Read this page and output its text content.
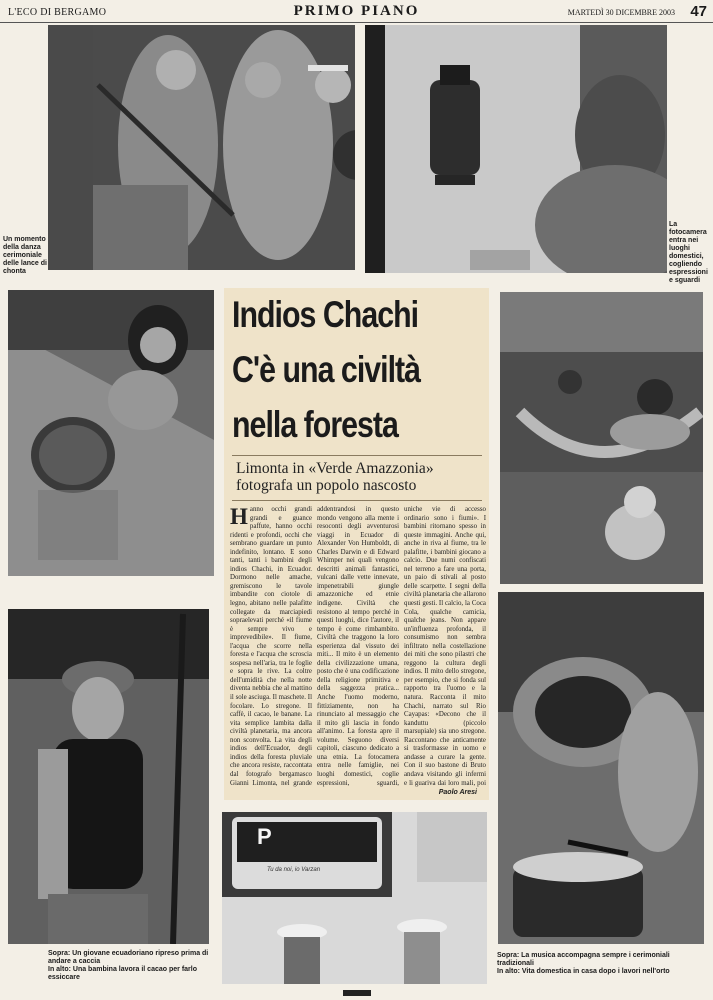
L'ECO DI BERGAMO	PRIMO PIANO	MARTEDÌ 30 DICEMBRE 2003 47
Un momento della danza cerimoniale delle lance di chonta
La fotocamera entra nei luoghi domestici, cogliendo espressioni e sguardi
Indios Chachi
C'è una civiltà
nella foresta
Limonta in «Verde Amazzonia» fotografa un popolo nascosto
Hanno occhi grandi grandi e guance paffute, hanno occhi ridenti e profondi, occhi che sembrano guardare un punto indefinito, lontano. E sono tanti, tanti i bambini degli indios Chachi, in Ecuador. Dormono nelle amache, gremiscono le tavole imbandite con ciotole di legno, abitano nelle palafitte collegate da marciapiedi sopraelevati perché «il fiume è sempre vivo e imprevedibile». Il fiume, l'acqua che scorre nella foresta e l'acqua che scroscia sospesa nell'aria, tra le foglie e sopra le rive. La coltre dell'umidità che nella notte diventa nebbia che al mattino il sole asciuga. Il maschete. Il focolare. Lo stregone. Il caffè, il cacao, le banane. La vita semplice lambita dalla civiltà planetaria, ma ancora non sconvolta. La vita degli indios dell'Ecuador, degli indios della foresta pluviale che ancora resiste, raccontata dal fotografo bergamasco Gianni Limonta, nel grande
addentrandosi in questo mondo vengono alla mente i resoconti degli avventurosi viaggi in Ecuador di Alexander Von Humboldt, di Charles Darwin e di Edward Whimper nei quali vengono descritti animali fantastici, vulcani dalle vette innevate, impenetrabili giungle amazzoniche ed etnie indigene. Civiltà che resistono al tempo perché in questi luoghi, dice l'autore, il tempo è come rimbambito. Civiltà che traggono la loro esperienza dal vissuto dei miti... Il mito è un elemento della civilizzazione umana, posto che è una codificazione della religione primitiva e della saggezza pratica... Anche l'uomo moderno, fittiziamente, non ha rinunciato al messaggio che il mito gli lascia in fondo all'animo. La foresta apre il volume. Seguono diversi capitoli, ciascuno dedicato a una etnia. La fotocamera entra nelle famiglie, nei luoghi domestici, coglie espressioni, sguardi,
uniche vie di accesso ordinario sono i fiumi». I bambini ritornano spesso in queste immagini. Anche qui, anche in riva al fiume, tra le palafitte, i bambini giocano a calcio. Due numi confiscati nel terreno a fare una porta, un paio di stivali al posto delle scarpette. I segni della civiltà planetaria che allarono questi gesti. Il calcio, la Coca Cola, qualche camicia, qualche jeans. Non appare un'influenza profonda, il consumismo non sembra infiltrato nella costellazione dei miti che sono pilastri che reggono la cultura degli indios. Il mito dello stregone, per esempio, che si fonda sul rapporto tra l'uomo e la natura. Racconta il mito Chachi, narrato sul Rio Cayapas: «Decono che il kanduttu (piccolo marsupiale) sia uno stregone. Raccontano che anticamente si trasformasse in uomo e andasse a curare la gente. Con il suo bastone di Bruto andava visitando gli infermi e li guariva dai loro mali, poi
Paolo Aresi
P
Tu da noi, io Varzan
Sopra: Un giovane ecuadoriano ripreso prima di andare a caccia
In alto: Una bambina lavora il cacao per farlo essiccare
Sopra: La musica accompagna sempre i cerimoniali tradizionali
In alto: Vita domestica in casa dopo i lavori nell'orto
